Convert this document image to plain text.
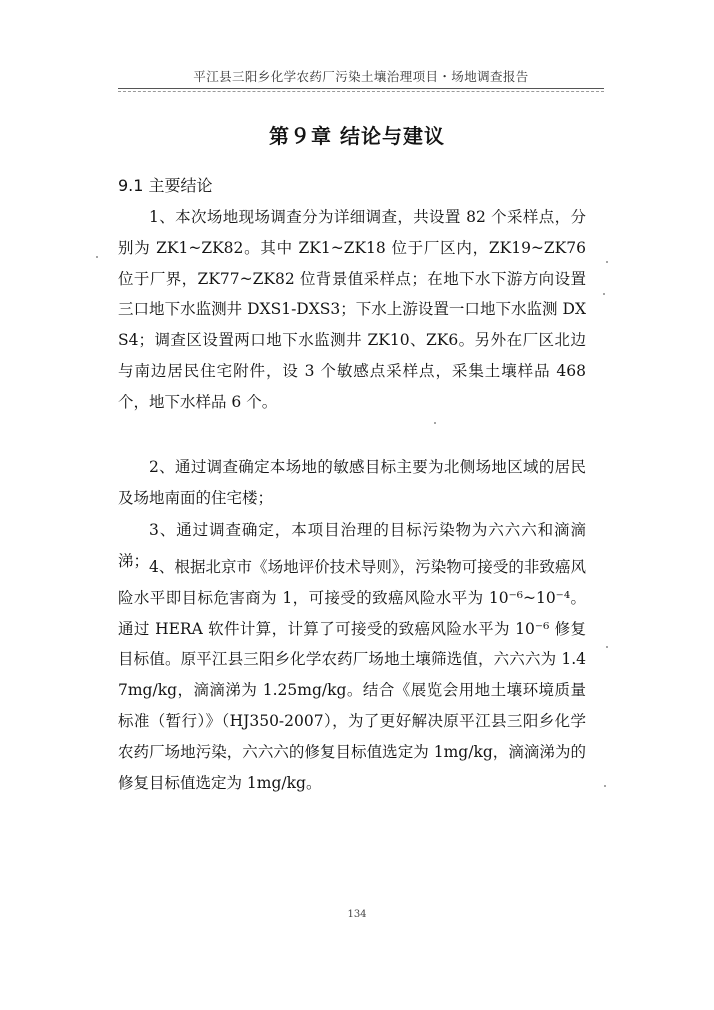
平江县三阳乡化学农药厂污染土壤治理项目・场地调查报告
第９章 结论与建议
9.1 主要结论

1、本次场地现场调查分为详细调查，共设置 82 个采样点，分别为 ZK1~ZK82。其中 ZK1~ZK18 位于厂区内，ZK19~ZK76 位于厂界，ZK77~ZK82 位背景值采样点；在地下水下游方向设置三口地下水监测井 DXS1-DXS3；下水上游设置一口地下水监测 DXS4；调查区设置两口地下水监测井 ZK10、ZK6。另外在厂区北边与南边居民住宅附件，设 3 个敏感点采样点，采集土壤样品 468 个，地下水样品 6 个。

2、通过调查确定本场地的敏感目标主要为北侧场地区域的居民及场地南面的住宅楼；

3、通过调查确定，本项目治理的目标污染物为六六六和滴滴涕； 4、根据北京市《场地评价技术导则》，污染物可接受的非致癌风险水平即目标危害商为 1，可接受的致癌风险水平为 10⁻⁶~10⁻⁴。通过 HERA 软件计算，计算了可接受的致癌风险水平为 10⁻⁶ 修复目标值。原平江县三阳乡化学农药厂场地土壤筛选值，六六六为 1.47mg/kg，滴滴涕为 1.25mg/kg。结合《展览会用地土壤环境质量标准（暂行）》（HJ350-2007），为了更好解决原平江县三阳乡化学农药厂场地污染，六六六的修复目标值选定为 1mg/kg，滴滴涕为的修复目标值选定为 1mg/kg。

134
